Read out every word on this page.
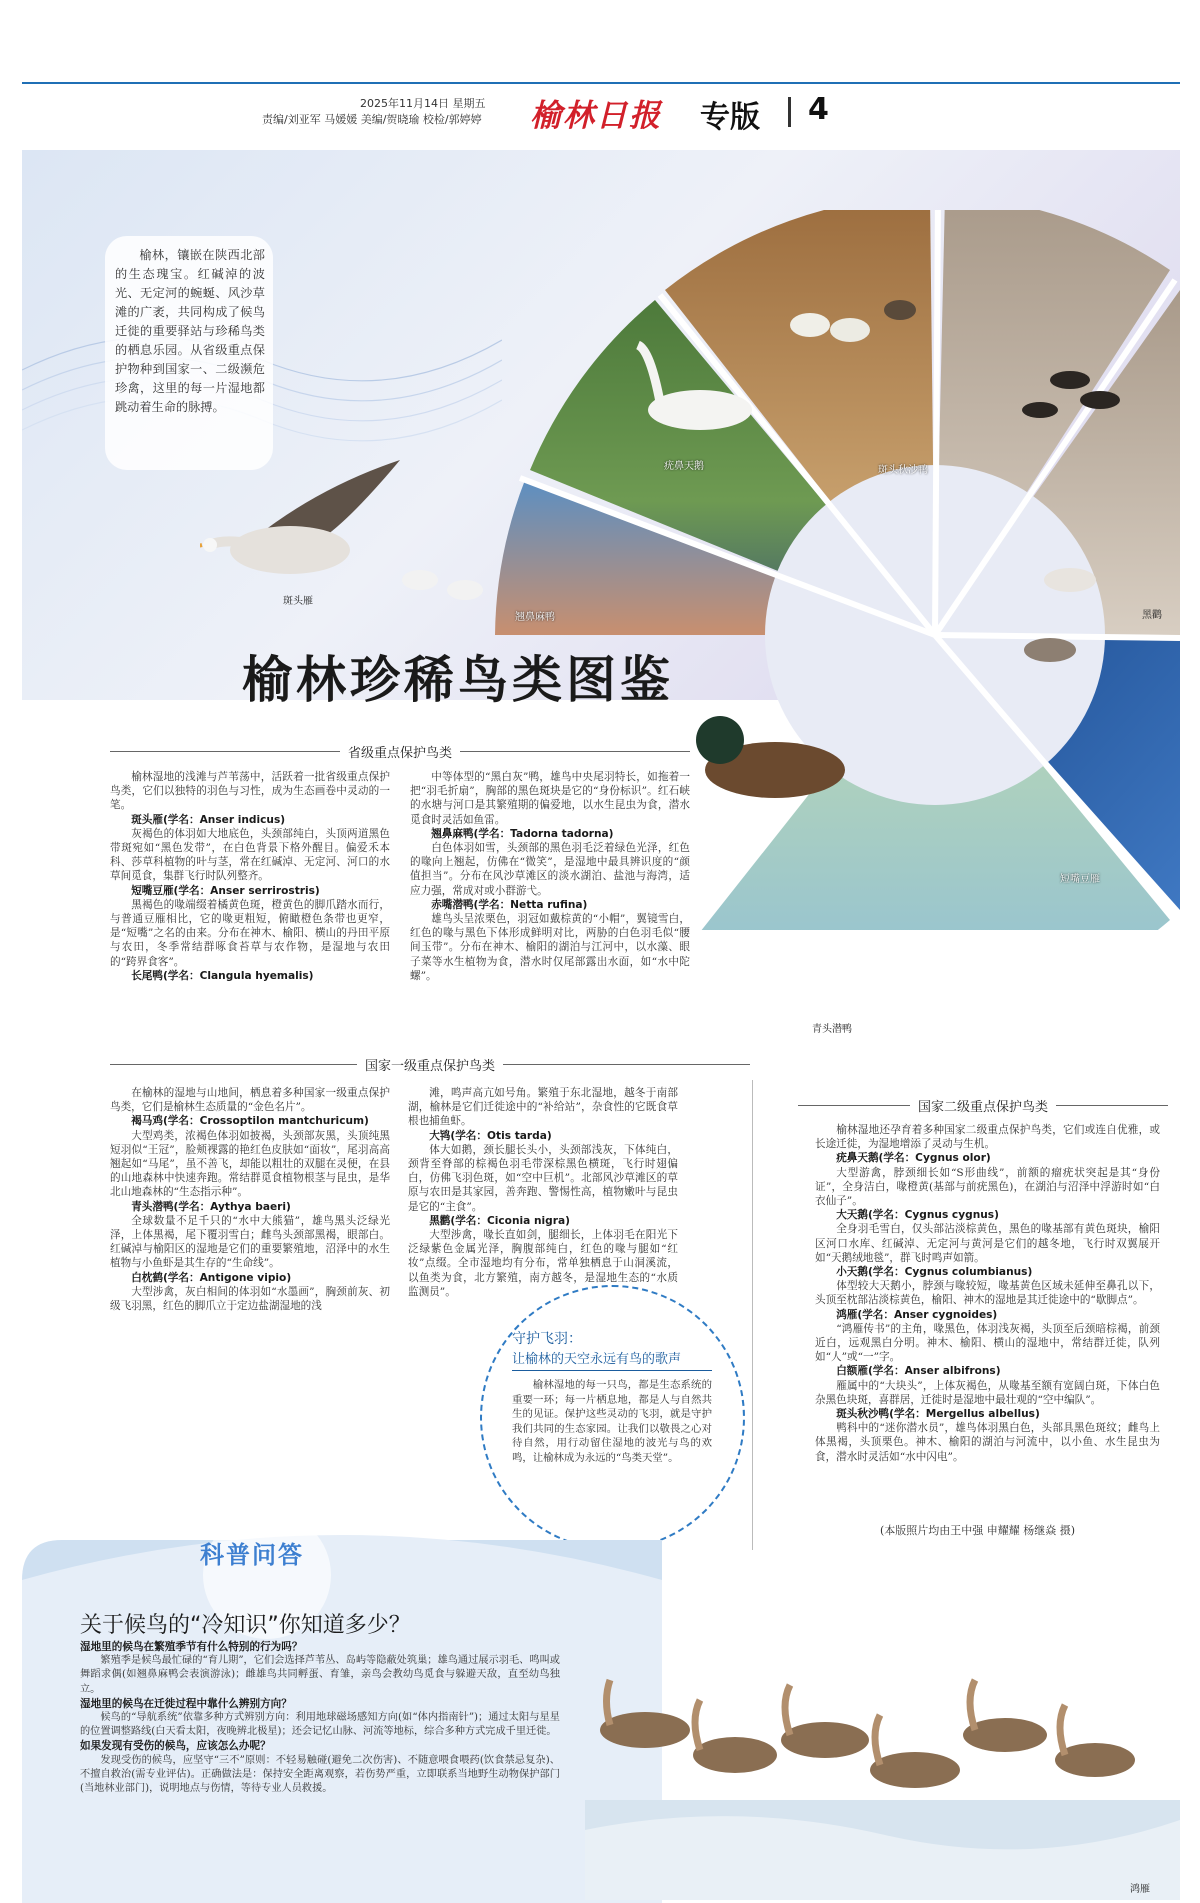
2025年11月14日 星期五
责编/刘亚军 马媛媛 美编/贺晓瑜 校检/郭婷婷 榆林日报 专版 4
榆林，镶嵌在陕西北部的生态瑰宝。红碱淖的波光、无定河的蜿蜒、风沙草滩的广袤，共同构成了候鸟迁徙的重要驿站与珍稀鸟类的栖息乐园。从省级重点保护物种到国家一、二级濒危珍禽，这里的每一片湿地都跳动着生命的脉搏。
斑头雁
翘鼻麻鸭
疣鼻天鹅	斑头秋沙鸭
黑鹳
短嘴豆雁
青头潜鸭
榆林珍稀鸟类图鉴
省级重点保护鸟类

榆林湿地的浅滩与芦苇荡中，活跃着一批省级重点保护鸟类，它们以独特的羽色与习性，成为生态画卷中灵动的一笔。

斑头雁(学名：Anser indicus)

灰褐色的体羽如大地底色，头颈部纯白，头顶两道黑色带斑宛如“黑色发带”，在白色背景下格外醒目。偏爱禾本科、莎草科植物的叶与茎，常在红碱淖、无定河、河口的水草间觅食，集群飞行时队列整齐。

短嘴豆雁(学名：Anser serrirostris)

黑褐色的喙端缀着橘黄色斑，橙黄色的脚爪踏水而行，与普通豆雁相比，它的喙更粗短，俯瞰橙色条带也更窄，是“短嘴”之名的由来。分布在神木、榆阳、横山的丹田平原与农田，冬季常结群啄食苔草与农作物，是湿地与农田的“跨界食客”。

长尾鸭(学名：Clangula hyemalis)

中等体型的“黑白灰”鸭，雄鸟中央尾羽特长，如拖着一把“羽毛折扇”，胸部的黑色斑块是它的“身份标识”。红石峡的水塘与河口是其繁殖期的偏爱地，以水生昆虫为食，潜水觅食时灵活如鱼雷。

翘鼻麻鸭(学名：Tadorna tadorna)

白色体羽如雪，头颈部的黑色羽毛泛着绿色光泽，红色的喙向上翘起，仿佛在“微笑”，是湿地中最具辨识度的“颜值担当”。分布在风沙草滩区的淡水湖泊、盐池与海湾，适应力强，常成对或小群游弋。

赤嘴潜鸭(学名：Netta rufina)

雄鸟头呈浓栗色，羽冠如戴棕黄的“小帽”，翼镜雪白，红色的喙与黑色下体形成鲜明对比，两胁的白色羽毛似“腰间玉带”。分布在神木、榆阳的湖泊与江河中，以水藻、眼子菜等水生植物为食，潜水时仅尾部露出水面，如“水中陀螺”。

国家一级重点保护鸟类

在榆林的湿地与山地间，栖息着多种国家一级重点保护鸟类，它们是榆林生态质量的“金色名片”。

褐马鸡(学名：Crossoptilon mantchuricum)

大型鸡类，浓褐色体羽如披褐，头颈部灰黑，头顶纯黑短羽似“王冠”，脸颊裸露的艳红色皮肤如“面妆”，尾羽高高翘起如“马尾”，虽不善飞，却能以粗壮的双腿在灵便，在县的山地森林中快速奔跑。常结群觅食植物根茎与昆虫，是华北山地森林的“生态指示种”。

青头潜鸭(学名：Aythya baeri)

全球数量不足千只的“水中大熊猫”，雄鸟黑头泛绿光泽，上体黑褐，尾下覆羽雪白；雌鸟头颈部黑褐，眼部白。红碱淖与榆阳区的湿地是它们的重要繁殖地，沼泽中的水生植物与小鱼虾是其生存的“生命线”。

白枕鹤(学名：Antigone vipio)

大型涉禽，灰白相间的体羽如“水墨画”，胸颈前灰、初级飞羽黑，红色的脚爪立于定边盐湖湿地的浅

滩，鸣声高亢如号角。繁殖于东北湿地，越冬于南部湖，榆林是它们迁徙途中的“补给站”，杂食性的它既食草根也捕鱼虾。

大鸨(学名：Otis tarda)

体大如鹅，颈长腿长头小，头颈部浅灰，下体纯白，颈背至脊部的棕褐色羽毛带深棕黑色横斑，飞行时翅偏白，仿佛飞羽色斑，如“空中巨机”。北部风沙草滩区的草原与农田是其家园，善奔跑、警惕性高，植物嫩叶与昆虫是它的“主食”。

黑鹳(学名：Ciconia nigra)

大型涉禽，喙长直如剑，腿细长，上体羽毛在阳光下泛绿紫色金属光泽，胸腹部纯白，红色的喙与腿如“红妆”点缀。全市湿地均有分布，常单独栖息于山洞溪流，以鱼类为食，北方繁殖，南方越冬，是湿地生态的“水质监测员”。

守护飞羽：
让榆林的天空永远有鸟的歌声
榆林湿地的每一只鸟，都是生态系统的重要一环；每一片栖息地，都是人与自然共生的见证。保护这些灵动的飞羽，就是守护我们共同的生态家园。让我们以敬畏之心对待自然，用行动留住湿地的波光与鸟的欢鸣，让榆林成为永远的“鸟类天堂”。
国家二级重点保护鸟类

榆林湿地还孕育着多种国家二级重点保护鸟类，它们或连自优雅，或长途迁徙，为湿地增添了灵动与生机。

疣鼻天鹅(学名：Cygnus olor)

大型游禽，脖颈细长如“S形曲线”，前额的瘤疣状突起是其“身份证”，全身洁白，喙橙黄(基部与前疣黑色)，在湖泊与沼泽中浮游时如“白衣仙子”。

大天鹅(学名：Cygnus cygnus)

全身羽毛雪白，仅头部沾淡棕黄色，黑色的喙基部有黄色斑块，榆阳区河口水库、红碱淖、无定河与黄河是它们的越冬地，飞行时双翼展开如“天鹅绒地毯”，群飞时鸣声如箭。

小天鹅(学名：Cygnus columbianus)

体型较大天鹅小，脖颈与喙较短，喙基黄色区域未延伸至鼻孔以下，头顶至枕部沾淡棕黄色，榆阳、神木的湿地是其迁徙途中的“歇脚点”。

鸿雁(学名：Anser cygnoides)

“鸿雁传书”的主角，喙黑色，体羽浅灰褐，头顶至后颈暗棕褐，前颈近白，远观黑白分明。神木、榆阳、横山的湿地中，常结群迁徙，队列如“人”或“一”字。

白额雁(学名：Anser albifrons)

雁属中的“大块头”，上体灰褐色，从喙基至额有宽阔白斑，下体白色杂黑色块斑，喜群居，迁徙时是湿地中最壮观的“空中编队”。

斑头秋沙鸭(学名：Mergellus albellus)

鸭科中的“迷你潜水员”，雄鸟体羽黑白色，头部具黑色斑纹；雌鸟上体黑褐，头顶栗色。神木、榆阳的湖泊与河流中，以小鱼、水生昆虫为食，潜水时灵活如“水中闪电”。

(本版照片均由王中强 申耀耀 杨继焱 摄)
科普问答
关于候鸟的“冷知识”你知道多少？

湿地里的候鸟在繁殖季节有什么特别的行为吗？

繁殖季是候鸟最忙碌的“育儿期”，它们会选择芦苇丛、岛屿等隐蔽处筑巢；雄鸟通过展示羽毛、鸣叫或舞蹈求偶(如翘鼻麻鸭会表演游泳)；雌雄鸟共同孵蛋、育雏，亲鸟会教幼鸟觅食与躲避天敌，直至幼鸟独立。

湿地里的候鸟在迁徙过程中靠什么辨别方向？

候鸟的“导航系统”依靠多种方式辨别方向：利用地球磁场感知方向(如“体内指南针”)；通过太阳与星星的位置调整路线(白天看太阳，夜晚辨北极星)；还会记忆山脉、河流等地标，综合多种方式完成千里迁徙。

如果发现有受伤的候鸟，应该怎么办呢？

发现受伤的候鸟，应坚守“三不”原则：不轻易触碰(避免二次伤害)、不随意喂食喂药(饮食禁忌复杂)、不擅自救治(需专业评估)。正确做法是：保持安全距离观察，若伤势严重，立即联系当地野生动物保护部门(当地林业部门)，说明地点与伤情，等待专业人员救援。

鸿雁
